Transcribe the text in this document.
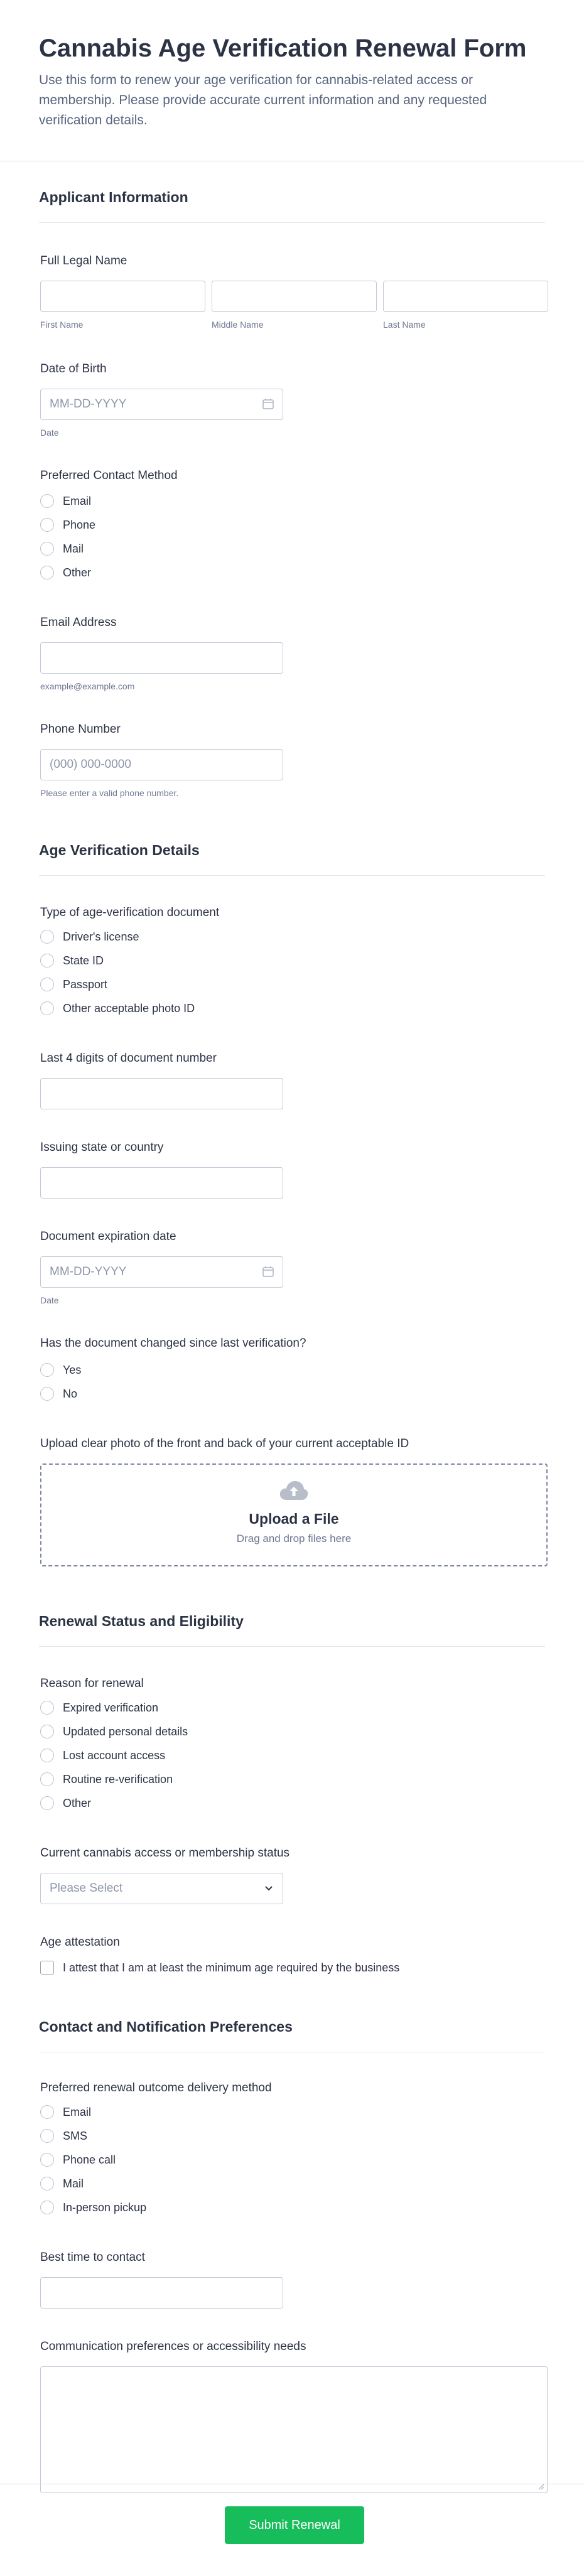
Cannabis Age Verification Renewal Form

Use this form to renew your age verification for cannabis-related access or membership. Please provide accurate current information and any requested verification details.

Applicant Information
Full Legal Name
First Name	Middle Name	Last Name
Date of Birth
MM-DD-YYYY
Date
Preferred Contact Method
Email
Phone
Mail
Other
Email Address
example@example.com
Phone Number
(000) 000-0000
Please enter a valid phone number.
Age Verification Details
Type of age-verification document
Driver's license
State ID
Passport
Other acceptable photo ID
Last 4 digits of document number
Issuing state or country
Document expiration date
MM-DD-YYYY
Date
Has the document changed since last verification?
Yes
No
Upload clear photo of the front and back of your current acceptable ID
Upload a File
Drag and drop files here
Renewal Status and Eligibility
Reason for renewal
Expired verification
Updated personal details
Lost account access
Routine re-verification
Other
Current cannabis access or membership status
Please Select
Age attestation
I attest that I am at least the minimum age required by the business
Contact and Notification Preferences
Preferred renewal outcome delivery method
Email
SMS
Phone call
Mail
In-person pickup
Best time to contact
Communication preferences or accessibility needs
Submit Renewal
